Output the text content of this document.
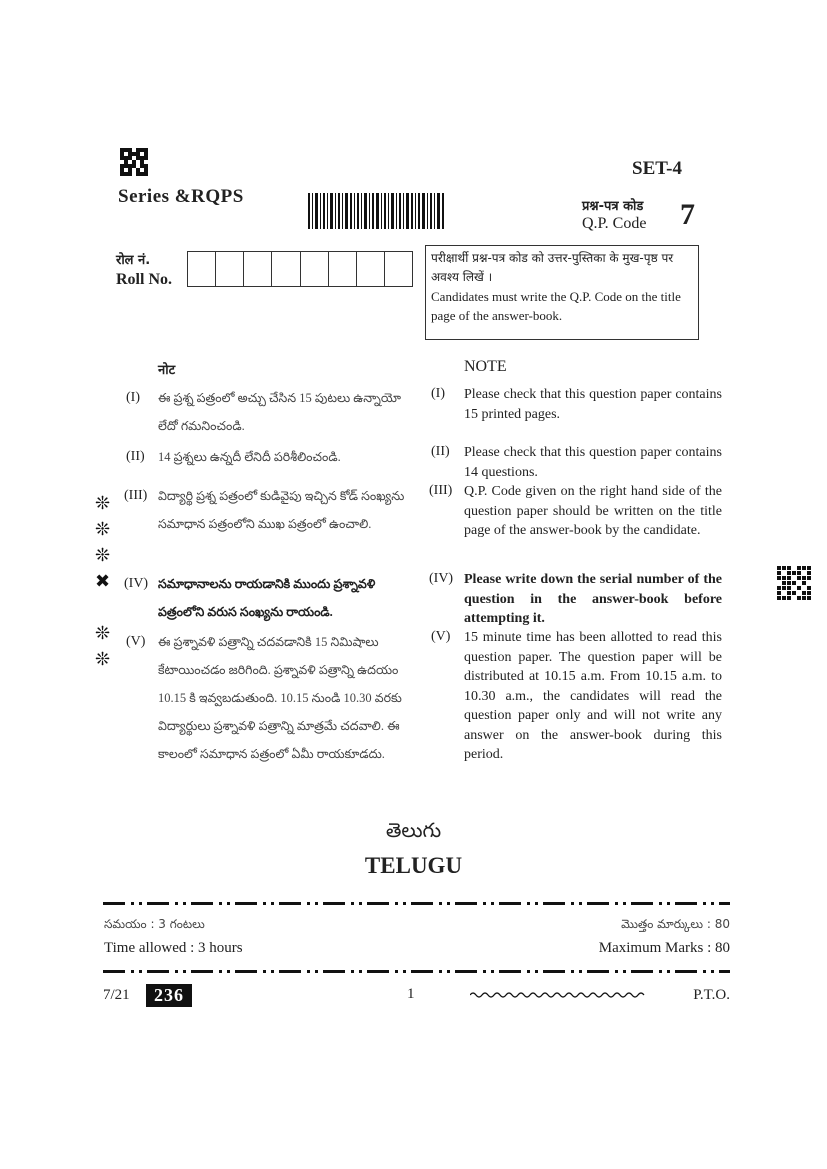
SET-4
Series &RQPS	प्रश्न-पत्र कोड
Q.P. Code 7
रोल नं.
Roll No.

परीक्षार्थी प्रश्न-पत्र कोड को उत्तर-पुस्तिका के मुख-पृष्ठ पर अवश्य लिखें ।

Candidates must write the Q.P. Code on the title page of the answer-book.

नोट	NOTE
❊
❊
❊
✖
❊
❊
(I) ఈ ప్రశ్న పత్రంలో అచ్చు చేసిన 15 పుటలు ఉన్నాయో లేదో గమనించండి.
(II) 14 ప్రశ్నలు ఉన్నదీ లేనిదీ పరిశీలించండి.
(III) విద్యార్థి ప్రశ్న పత్రంలో కుడివైపు ఇచ్చిన కోడ్ సంఖ్యను సమాధాన పత్రంలోని ముఖ పత్రంలో ఉంచాలి.
(IV) సమాధానాలను రాయడానికి ముందు ప్రశ్నావళి పత్రంలోని వరుస సంఖ్యను రాయండి.
(V) ఈ ప్రశ్నావళి పత్రాన్ని చదవడానికి 15 నిమిషాలు కేటాయించడం జరిగింది. ప్రశ్నావళి పత్రాన్ని ఉదయం 10.15 కి ఇవ్వబడుతుంది. 10.15 నుండి 10.30 వరకు విద్యార్థులు ప్రశ్నావళి పత్రాన్ని మాత్రమే చదవాలి. ఈ కాలంలో సమాధాన పత్రంలో ఏమీ రాయకూడదు.
(I) Please check that this question paper contains 15 printed pages.
(II) Please check that this question paper contains 14 questions.
(III) Q.P. Code given on the right hand side of the question paper should be written on the title page of the answer-book by the candidate.
(IV) Please write down the serial number of the question in the answer-book before attempting it.
(V) 15 minute time has been allotted to read this question paper. The question paper will be distributed at 10.15 a.m. From 10.15 a.m. to 10.30 a.m., the candidates will read the question paper only and will not write any answer on the answer-book during this period.
తెలుగు
TELUGU
సమయం : 3 గంటలు	మొత్తం మార్కులు : 80
Time allowed : 3 hours	Maximum Marks : 80
7/21	236	1	P.T.O.
